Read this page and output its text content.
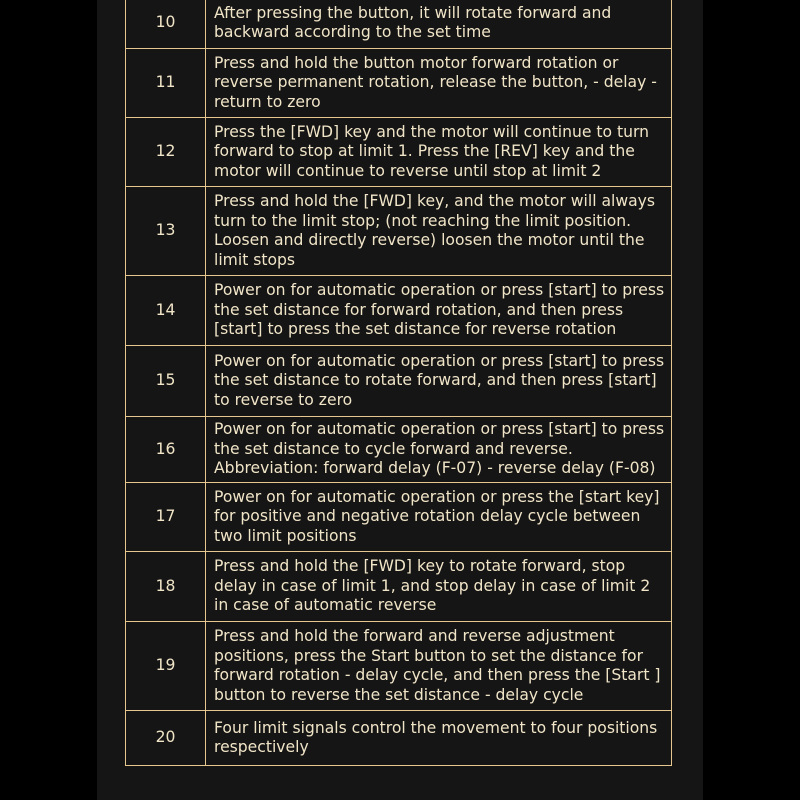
10	After pressing the button, it will rotate forward and backward according to the set time
11	Press and hold the button motor forward rotation or reverse permanent rotation, release the button, - delay - return to zero
12	Press the [FWD] key and the motor will continue to turn forward to stop at limit 1. Press the [REV] key and the motor will continue to reverse until stop at limit 2
13	Press and hold the [FWD] key, and the motor will always turn to the limit stop; (not reaching the limit position. Loosen and directly reverse) loosen the motor until the limit stops
14	Power on for automatic operation or press [start] to press the set distance for forward rotation, and then press [start] to press the set distance for reverse rotation
15	Power on for automatic operation or press [start] to press the set distance to rotate forward, and then press [start] to reverse to zero
16	Power on for automatic operation or press [start] to press the set distance to cycle forward and reverse. Abbreviation: forward delay (F-07) - reverse delay (F-08)
17	Power on for automatic operation or press the [start key] for positive and negative rotation delay cycle between two limit positions
18	Press and hold the [FWD] key to rotate forward, stop delay in case of limit 1, and stop delay in case of limit 2 in case of automatic reverse
19	Press and hold the forward and reverse adjustment positions, press the Start button to set the distance for forward rotation - delay cycle, and then press the [Start ] button to reverse the set distance - delay cycle
20	Four limit signals control the movement to four positions respectively
